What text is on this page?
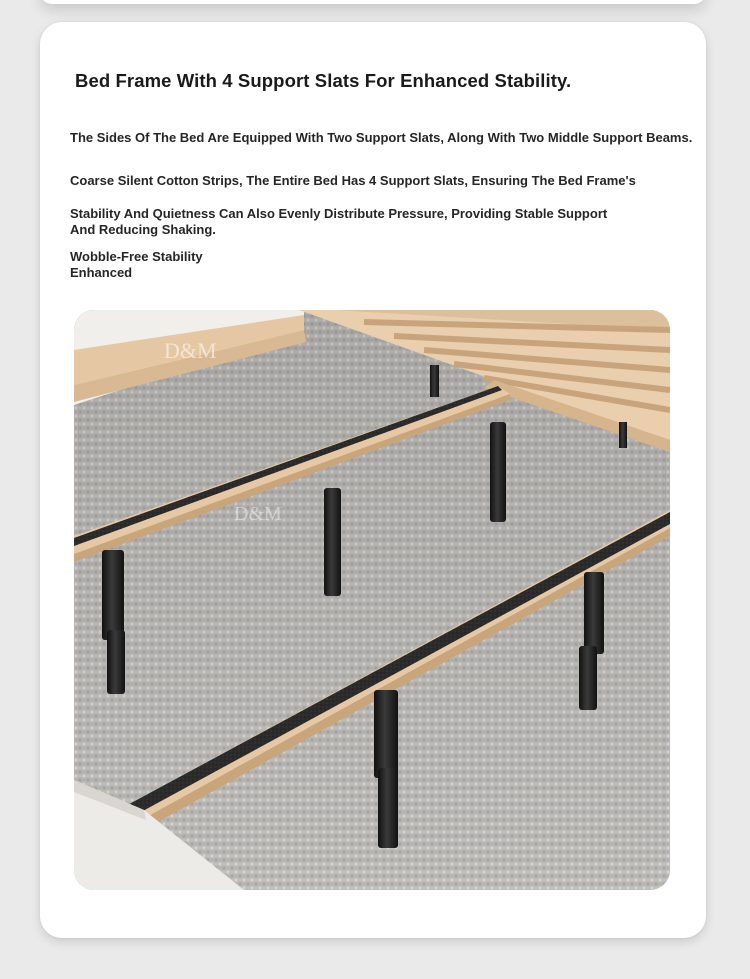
Bed Frame With 4 Support Slats For Enhanced Stability.
The Sides Of The Bed Are Equipped With Two Support Slats, Along With Two Middle Support Beams.
Coarse Silent Cotton Strips, The Entire Bed Has 4 Support Slats, Ensuring The Bed Frame's
Stability And Quietness Can Also Evenly Distribute Pressure, Providing Stable Support
And Reducing Shaking.
Wobble-Free Stability
Enhanced
D&M
D&M
